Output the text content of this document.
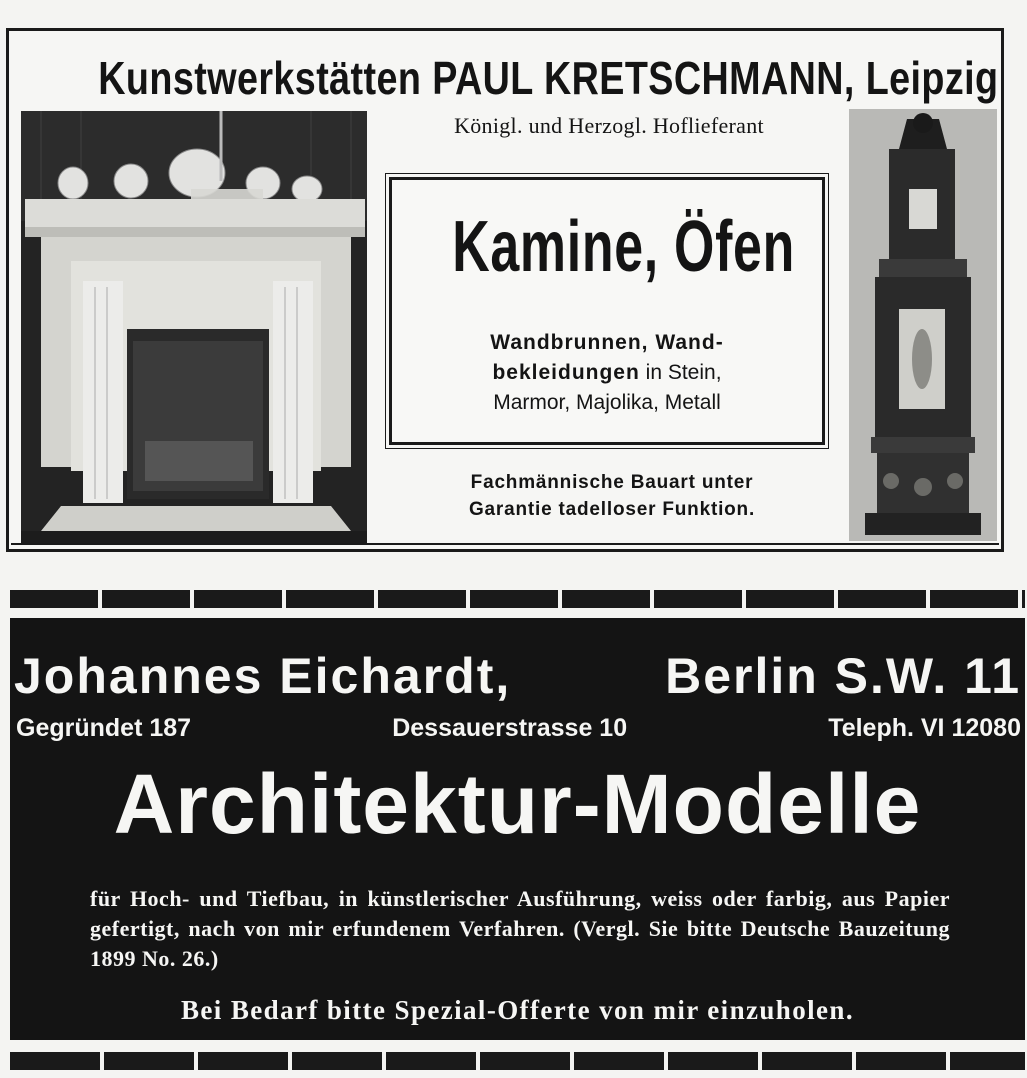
Kunstwerkstätten PAUL KRETSCHMANN, Leipzig
Königl. und Herzogl. Hoflieferant
Kamine, Öfen
Wandbrunnen, Wand-
bekleidungen in Stein,
Marmor, Majolika, Metall
Fachmännische Bauart unter
Garantie tadelloser Funktion.
Johannes Eichardt,	Berlin S.W. 11
Gegründet 187	Dessauerstrasse 10	Teleph. VI 12080
Architektur-Modelle
für Hoch- und Tiefbau, in künstlerischer Ausführung, weiss oder farbig, aus Papier gefertigt, nach von mir erfundenem Verfahren. (Vergl. Sie bitte Deutsche Bauzeitung 1899 No. 26.)
Bei Bedarf bitte Spezial-Offerte von mir einzuholen.
